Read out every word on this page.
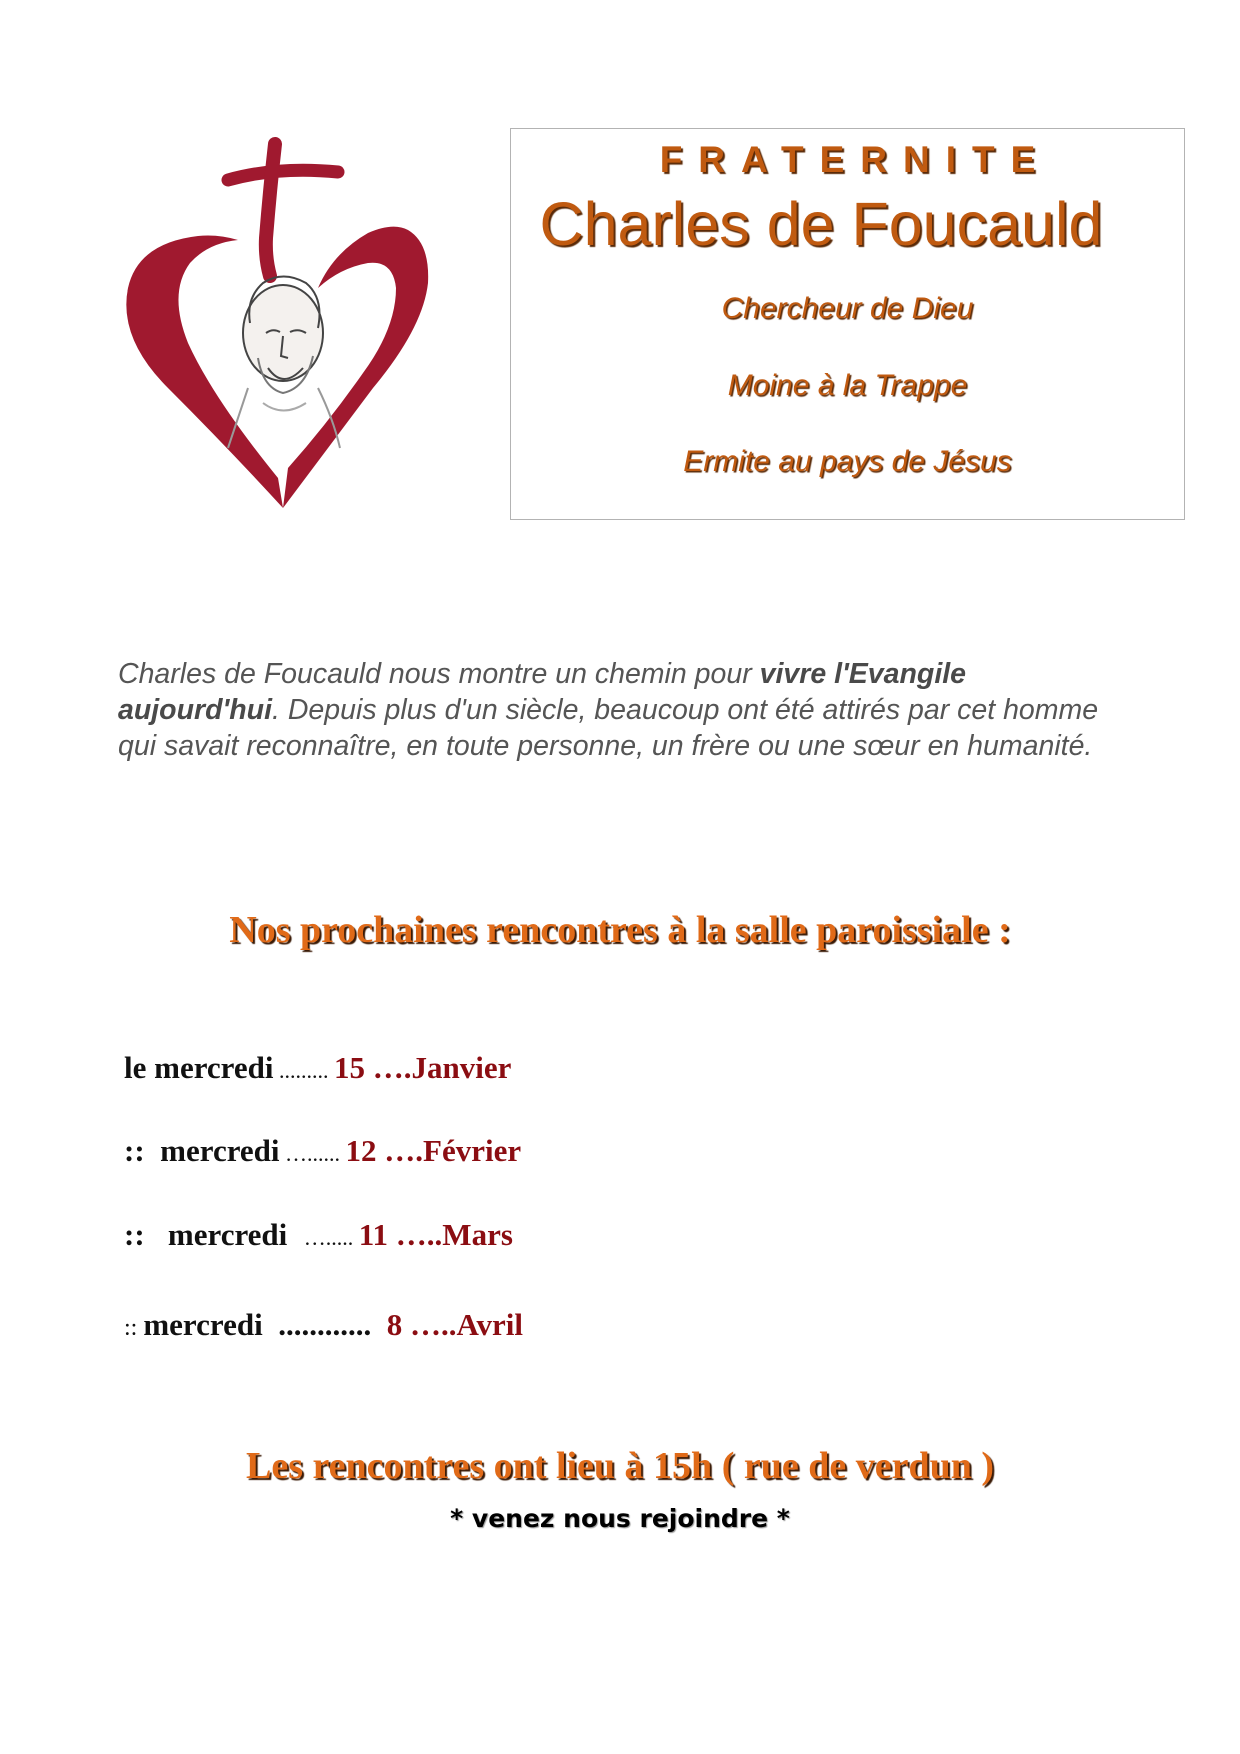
FRATERNITE
Charles de Foucauld
Chercheur de Dieu
Moine à la Trappe
Ermite au pays de Jésus
Charles de Foucauld nous montre un chemin pour vivre l'Evangile aujourd'hui. Depuis plus d'un siècle, beaucoup ont été attirés par cet homme qui savait reconnaître, en toute personne, un frère ou une sœur en humanité.
Nos prochaines rencontres à la salle paroissiale :
le mercredi ......... 15 ….Janvier
::  mercredi …...... 12 ….Février
::   mercredi   …..... 11 …..Mars
:: mercredi  ............  8 …..Avril
Les rencontres ont lieu à 15h ( rue de verdun )
* venez nous rejoindre *
